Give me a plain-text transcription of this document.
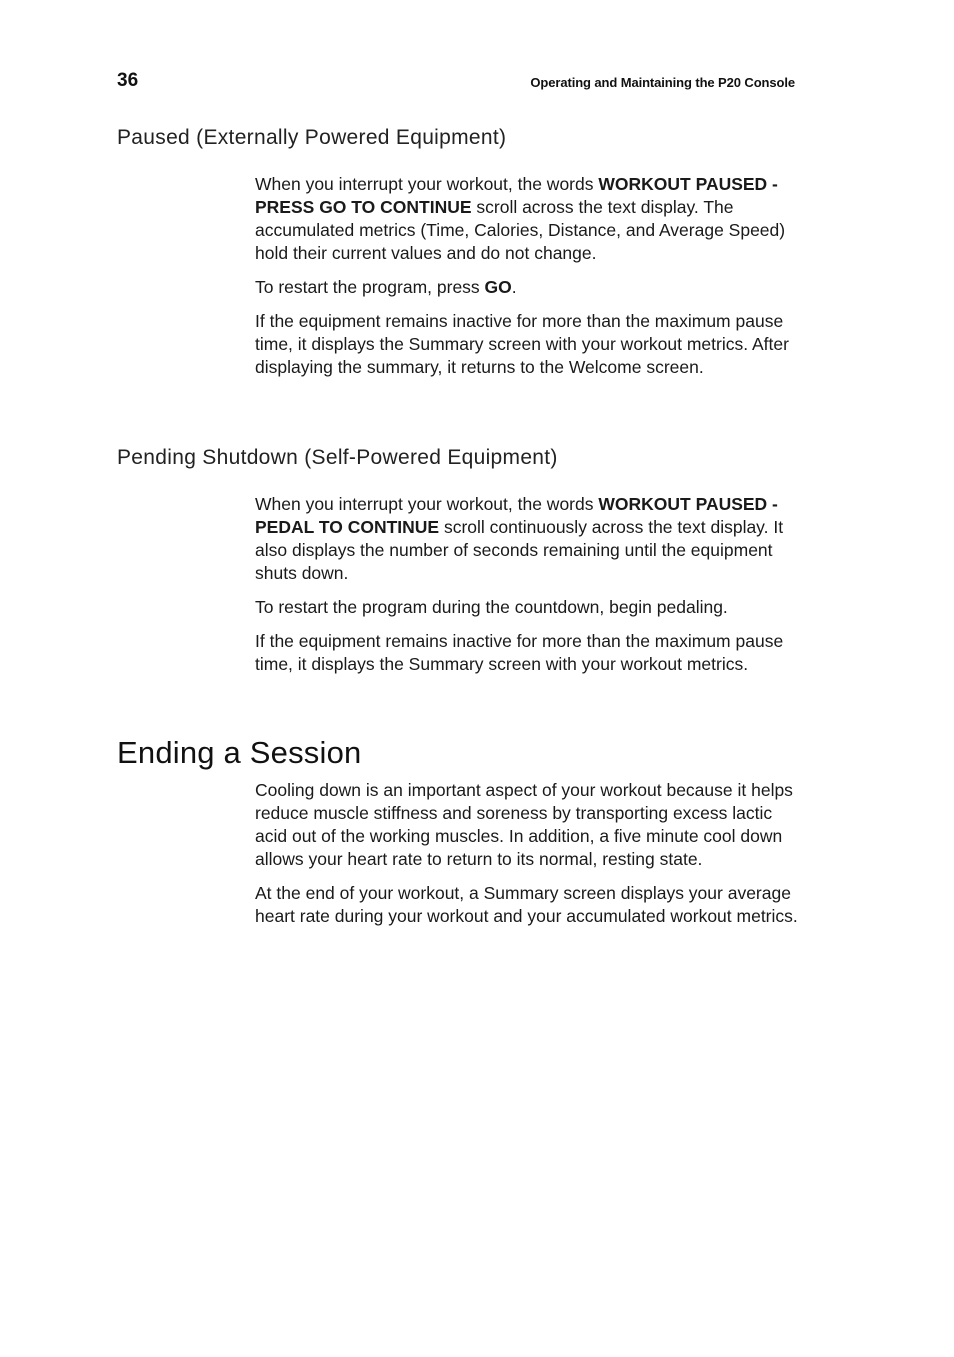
36	Operating and Maintaining the P20 Console
Paused (Externally Powered Equipment)

When you interrupt your workout, the words WORKOUT PAUSED - PRESS GO TO CONTINUE scroll across the text display. The accumulated metrics (Time, Calories, Distance, and Average Speed) hold their current values and do not change.

To restart the program, press GO.

If the equipment remains inactive for more than the maximum pause time, it displays the Summary screen with your workout metrics. After displaying the summary, it returns to the Welcome screen.

Pending Shutdown (Self-Powered Equipment)

When you interrupt your workout, the words WORKOUT PAUSED - PEDAL TO CONTINUE scroll continuously across the text display. It also displays the number of seconds remaining until the equipment shuts down.

To restart the program during the countdown, begin pedaling.

If the equipment remains inactive for more than the maximum pause time, it displays the Summary screen with your workout metrics.

Ending a Session

Cooling down is an important aspect of your workout because it helps reduce muscle stiffness and soreness by transporting excess lactic acid out of the working muscles. In addition, a five minute cool down allows your heart rate to return to its normal, resting state.

At the end of your workout, a Summary screen displays your average heart rate during your workout and your accumulated workout metrics.
